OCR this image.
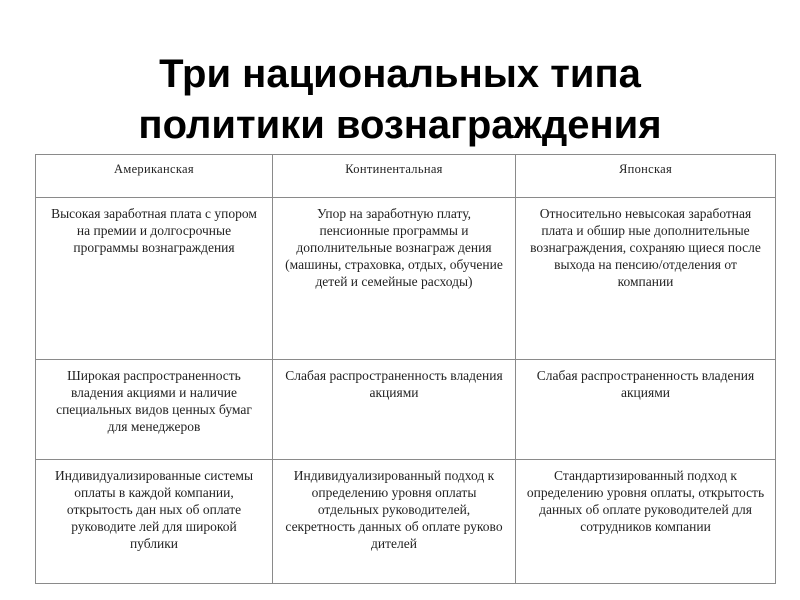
Три национальных типа
политики вознаграждения
Американская	Континентальная	Японская
Высокая заработная плата с упором на премии и долгосрочные программы вознаграждения	Упор на заработную плату, пенсионные программы и дополнительные вознаграж дения (машины, страховка, отдых, обучение детей и семейные расходы)	Относительно невысокая заработная плата и обшир ные дополнительные вознаграждения, сохраняю щиеся после выхода на пенсию/отделения от компании
Широкая распространенность владения акциями и наличие специальных видов ценных бумаг для менеджеров	Слабая распространенность владения акциями	Слабая распространенность владения акциями
Индивидуализированные системы оплаты в каждой компании, открытость дан ных об оплате руководите лей для широкой публики	Индивидуализированный подход к определению уровня оплаты отдельных руководителей, секретность данных об оплате руково дителей	Стандартизированный подход к определению уровня оплаты, открытость данных об оплате руководителей для сотрудников компании
